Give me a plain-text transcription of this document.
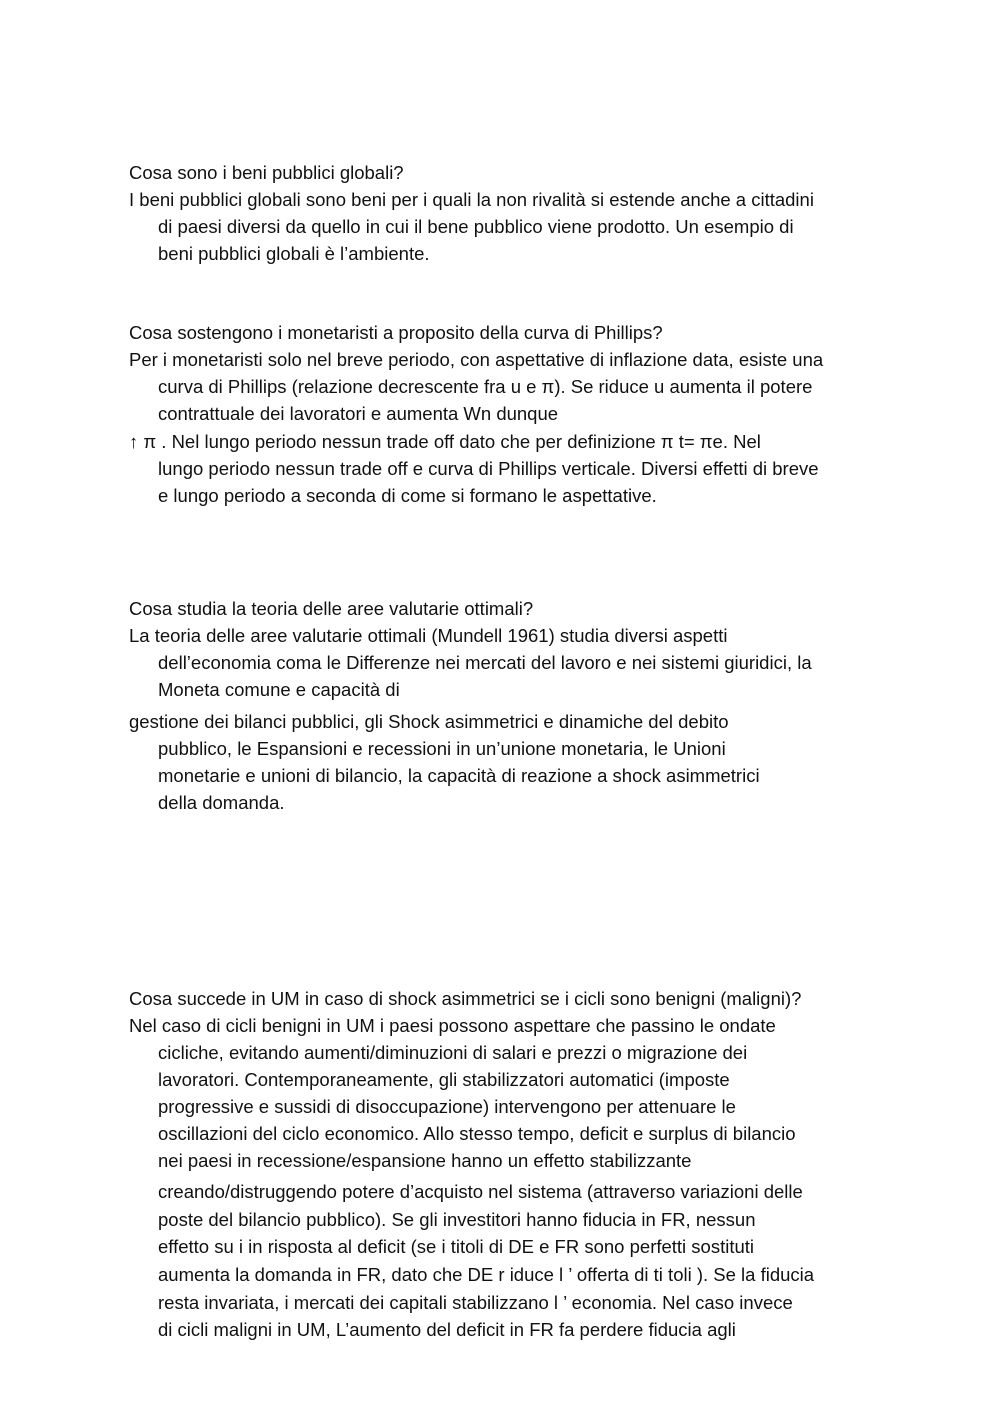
Cosa sono i beni pubblici globali?
I beni pubblici globali sono beni per i quali la non rivalità si estende anche a cittadini
di paesi diversi da quello in cui il bene pubblico viene prodotto. Un esempio di
beni pubblici globali è l’ambiente.
Cosa sostengono i monetaristi a proposito della curva di Phillips?
Per i monetaristi solo nel breve periodo, con aspettative di inflazione data, esiste una
curva di Phillips (relazione decrescente fra u e π). Se riduce u aumenta il potere
contrattuale dei lavoratori e aumenta Wn dunque
↑ π . Nel lungo periodo nessun trade off dato che per definizione π t= πe. Nel
lungo periodo nessun trade off e curva di Phillips verticale. Diversi effetti di breve
e lungo periodo a seconda di come si formano le aspettative.
Cosa studia la teoria delle aree valutarie ottimali?
La teoria delle aree valutarie ottimali (Mundell 1961) studia diversi aspetti
dell’economia coma le Differenze nei mercati del lavoro e nei sistemi giuridici, la
Moneta comune e capacità di
gestione dei bilanci pubblici, gli Shock asimmetrici e dinamiche del debito
pubblico, le Espansioni e recessioni in un’unione monetaria, le Unioni
monetarie e unioni di bilancio, la capacità di reazione a shock asimmetrici
della domanda.
Cosa succede in UM in caso di shock asimmetrici se i cicli sono benigni (maligni)?
Nel caso di cicli benigni in UM i paesi possono aspettare che passino le ondate
cicliche, evitando aumenti/diminuzioni di salari e prezzi o migrazione dei
lavoratori. Contemporaneamente, gli stabilizzatori automatici (imposte
progressive e sussidi di disoccupazione) intervengono per attenuare le
oscillazioni del ciclo economico. Allo stesso tempo, deficit e surplus di bilancio
nei paesi in recessione/espansione hanno un effetto stabilizzante
creando/distruggendo potere d’acquisto nel sistema (attraverso variazioni delle
poste del bilancio pubblico). Se gli investitori hanno fiducia in FR, nessun
effetto su i in risposta al deficit (se i titoli di DE e FR sono perfetti sostituti
aumenta la domanda in FR, dato che DE r iduce l ’ offerta di ti toli ). Se la fiducia
resta invariata, i mercati dei capitali stabilizzano l ’ economia. Nel caso invece
di cicli maligni in UM, L’aumento del deficit in FR fa perdere fiducia agli
